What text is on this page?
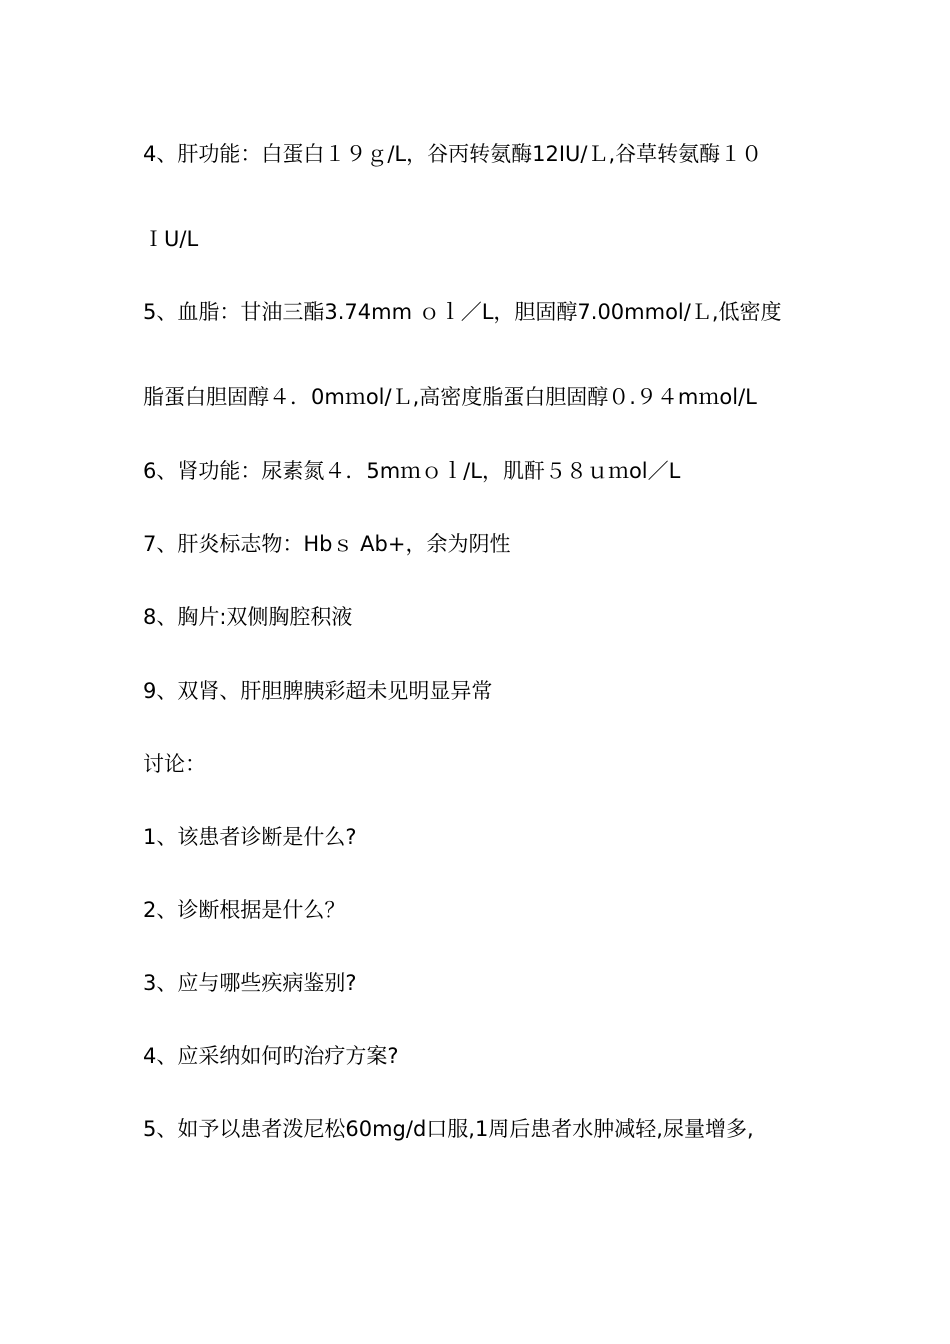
4、肝功能：白蛋白１９ｇ/L，谷丙转氨酶12IU/Ｌ,谷草转氨酶１０
ＩU/L
5、血脂：甘油三酯3.74mm ｏｌ／L，胆固醇7.00mmol/Ｌ,低密度
脂蛋白胆固醇４．0mｍol/Ｌ,高密度脂蛋白胆固醇０.９４mｍol/L
6、肾功能：尿素氮４．5mｍｏｌ/L，肌酐５８ｕｍol／L
7、肝炎标志物：Hbｓ Ab+，余为阴性
8、胸片:双侧胸腔积液
9、双肾、肝胆脾胰彩超未见明显异常
讨论：
1、该患者诊断是什么?
2、诊断根据是什么？
3、应与哪些疾病鉴别?
4、应采纳如何旳治疗方案?
5、如予以患者泼尼松60mg/d口服,1周后患者水肿减轻,尿量增多,
